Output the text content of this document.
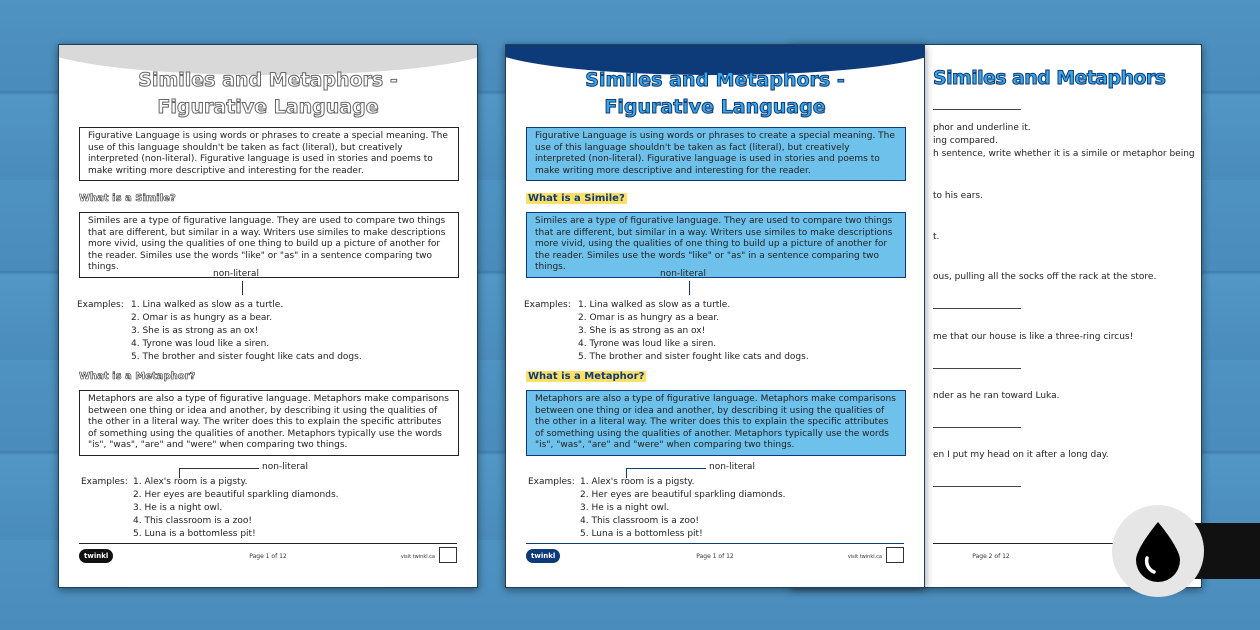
Similes and Metaphors -
Figurative Language
Figurative Language is using words or phrases to create a special meaning. The use of this language shouldn't be taken as fact (literal), but creatively interpreted (non-literal). Figurative language is used in stories and poems to make writing more descriptive and interesting for the reader.
What is a Simile?
Similes are a type of figurative language. They are used to compare two things that are different, but similar in a way. Writers use similes to make descriptions more vivid, using the qualities of one thing to build up a picture of another for the reader. Similes use the words "like" or "as" in a sentence comparing two things.
non-literal
Examples: 1. Lina walked as slow as a turtle.
2. Omar is as hungry as a bear.
3. She is as strong as an ox!
4. Tyrone was loud like a siren.
5. The brother and sister fought like cats and dogs.
What is a Metaphor?
Metaphors are also a type of figurative language. Metaphors make comparisons between one thing or idea and another, by describing it using the qualities of the other in a literal way. The writer does this to explain the specific attributes of something using the qualities of another. Metaphors typically use the words "is", "was", "are" and "were" when comparing two things.
non-literal
Examples: 1. Alex's room is a pigsty.
2. Her eyes are beautiful sparkling diamonds.
3. He is a night owl.
4. This classroom is a zoo!
5. Luna is a bottomless pit!
twinkl	Page 1 of 12	visit twinkl.ca
Similes and Metaphors -
Figurative Language
Figurative Language is using words or phrases to create a special meaning. The use of this language shouldn't be taken as fact (literal), but creatively interpreted (non-literal). Figurative language is used in stories and poems to make writing more descriptive and interesting for the reader.
What is a Simile?
Similes are a type of figurative language. They are used to compare two things that are different, but similar in a way. Writers use similes to make descriptions more vivid, using the qualities of one thing to build up a picture of another for the reader. Similes use the words "like" or "as" in a sentence comparing two things.
non-literal
Examples: 1. Lina walked as slow as a turtle.
2. Omar is as hungry as a bear.
3. She is as strong as an ox!
4. Tyrone was loud like a siren.
5. The brother and sister fought like cats and dogs.
What is a Metaphor?
Metaphors are also a type of figurative language. Metaphors make comparisons between one thing or idea and another, by describing it using the qualities of the other in a literal way. The writer does this to explain the specific attributes of something using the qualities of another. Metaphors typically use the words "is", "was", "are" and "were" when comparing two things.
non-literal
Examples: 1. Alex's room is a pigsty.
2. Her eyes are beautiful sparkling diamonds.
3. He is a night owl.
4. This classroom is a zoo!
5. Luna is a bottomless pit!
twinkl	Page 1 of 12	visit twinkl.ca
Similes and Metaphors
phor and underline it.
ing compared.
h sentence, write whether it is a simile or metaphor being
to his ears.
t.
ous, pulling all the socks off the rack at the store.
me that our house is like a three-ring circus!
nder as he ran toward Luka.
en I put my head on it after a long day.
Page 2 of 12
